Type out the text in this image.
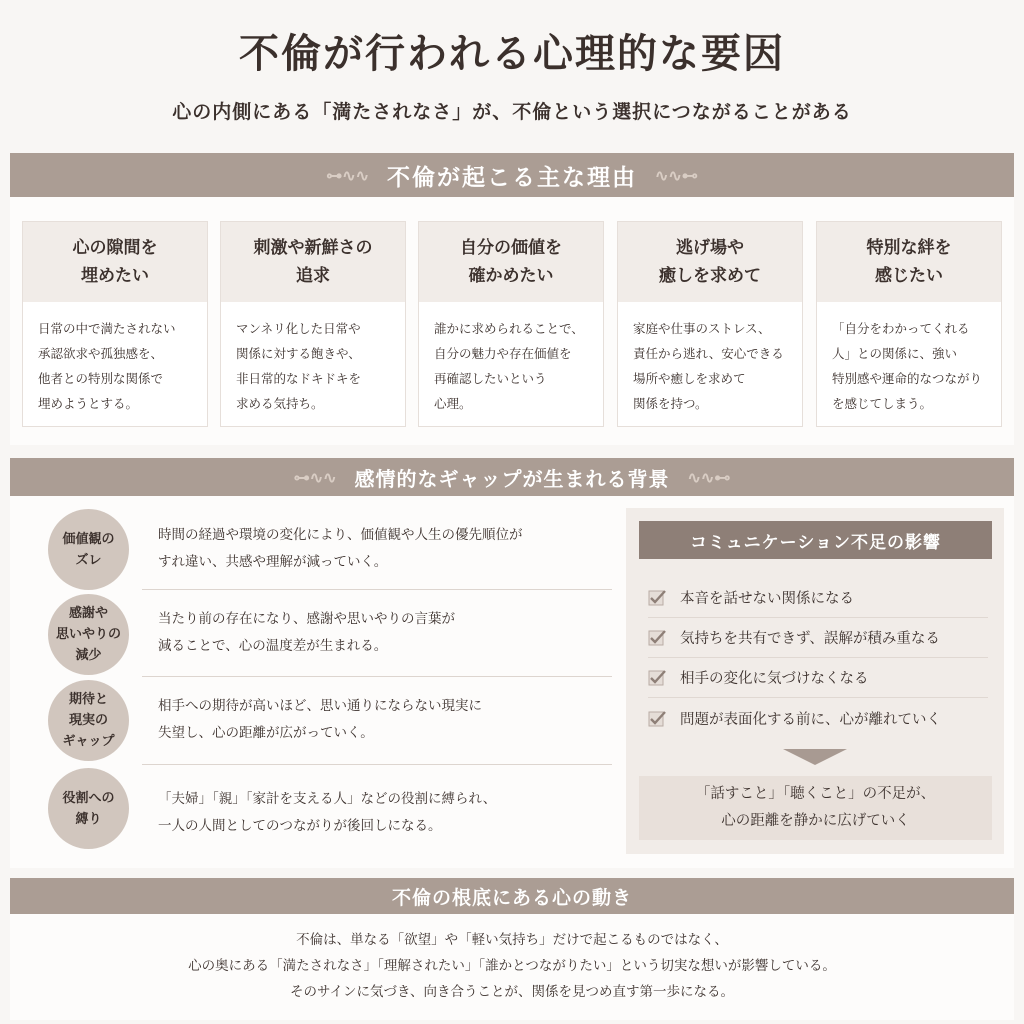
不倫が行われる心理的な要因
心の内側にある「満たされなさ」が、不倫という選択につながることがある
⊶∿∿ 不倫が起こる主な理由 ∿∿⊷
心の隙間を
埋めたい
日常の中で満たされない
承認欲求や孤独感を、
他者との特別な関係で
埋めようとする。
刺激や新鮮さの
追求
マンネリ化した日常や
関係に対する飽きや、
非日常的なドキドキを
求める気持ち。
自分の価値を
確かめたい
誰かに求められることで、
自分の魅力や存在価値を
再確認したいという
心理。
逃げ場や
癒しを求めて
家庭や仕事のストレス、
責任から逃れ、安心できる
場所や癒しを求めて
関係を持つ。
特別な絆を
感じたい
「自分をわかってくれる
人」との関係に、強い
特別感や運命的なつながり
を感じてしまう。
⊶∿∿ 感情的なギャップが生まれる背景 ∿∿⊷
価値観の
ズレ
時間の経過や環境の変化により、価値観や人生の優先順位が
すれ違い、共感や理解が減っていく。
感謝や
思いやりの
減少
当たり前の存在になり、感謝や思いやりの言葉が
減ることで、心の温度差が生まれる。
期待と
現実の
ギャップ
相手への期待が高いほど、思い通りにならない現実に
失望し、心の距離が広がっていく。
役割への
縛り
「夫婦」「親」「家計を支える人」などの役割に縛られ、
一人の人間としてのつながりが後回しになる。
コミュニケーション不足の影響
本音を話せない関係になる
気持ちを共有できず、誤解が積み重なる
相手の変化に気づけなくなる
問題が表面化する前に、心が離れていく
「話すこと」「聴くこと」の不足が、
心の距離を静かに広げていく
不倫の根底にある心の動き
不倫は、単なる「欲望」や「軽い気持ち」だけで起こるものではなく、
心の奥にある「満たされなさ」「理解されたい」「誰かとつながりたい」という切実な想いが影響している。
そのサインに気づき、向き合うことが、関係を見つめ直す第一歩になる。
